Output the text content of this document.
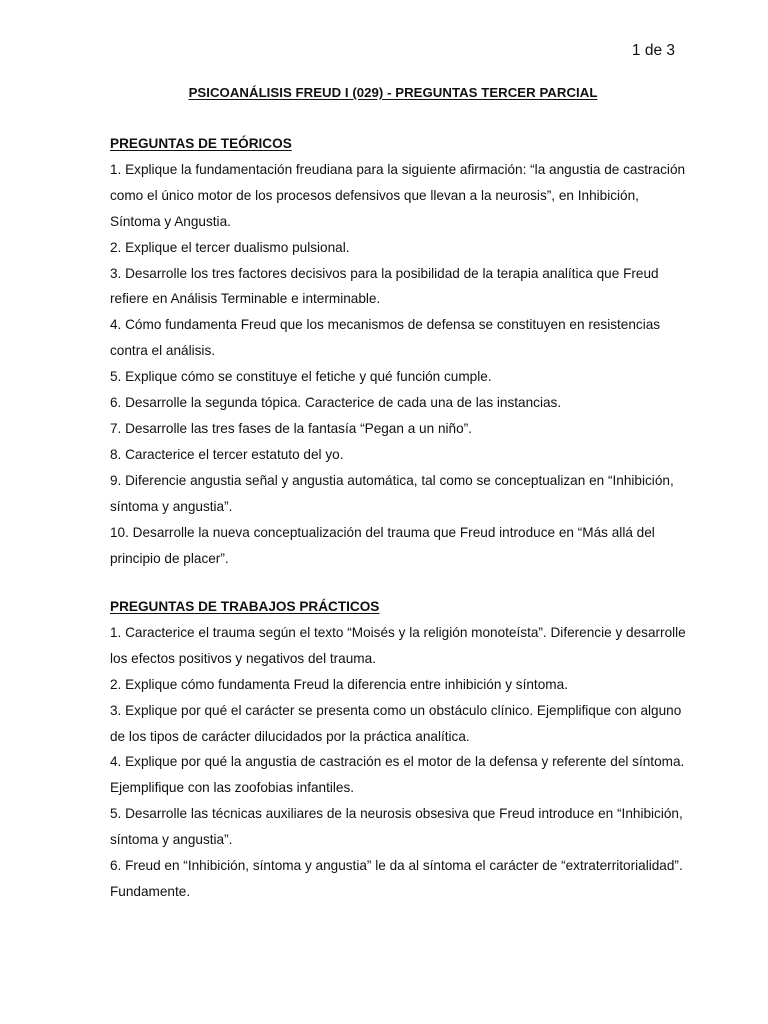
1 de 3
PSICOANÁLISIS FREUD I (029) - PREGUNTAS TERCER PARCIAL
PREGUNTAS DE TEÓRICOS
1. Explique la fundamentación freudiana para la siguiente afirmación: “la angustia de castración como el único motor de los procesos defensivos que llevan a la neurosis”, en Inhibición, Síntoma y Angustia.
2. Explique el tercer dualismo pulsional.
3. Desarrolle los tres factores decisivos para la posibilidad de la terapia analítica que Freud refiere en Análisis Terminable e interminable.
4. Cómo fundamenta Freud que los mecanismos de defensa se constituyen en resistencias contra el análisis.
5. Explique cómo se constituye el fetiche y qué función cumple.
6. Desarrolle la segunda tópica. Caracterice de cada una de las instancias.
7. Desarrolle las tres fases de la fantasía “Pegan a un niño”.
8. Caracterice el tercer estatuto del yo.
9. Diferencie angustia señal y angustia automática, tal como se conceptualizan en “Inhibición, síntoma y angustia”.
10. Desarrolle la nueva conceptualización del trauma que Freud introduce en “Más allá del principio de placer”.
PREGUNTAS DE TRABAJOS PRÁCTICOS
1. Caracterice el trauma según el texto “Moisés y la religión monoteísta”. Diferencie y desarrolle los efectos positivos y negativos del trauma.
2. Explique cómo fundamenta Freud la diferencia entre inhibición y síntoma.
3. Explique por qué el carácter se presenta como un obstáculo clínico. Ejemplifique con alguno de los tipos de carácter dilucidados por la práctica analítica.
4. Explique por qué la angustia de castración es el motor de la defensa y referente del síntoma. Ejemplifique con las zoofobias infantiles.
5. Desarrolle las técnicas auxiliares de la neurosis obsesiva que Freud introduce en “Inhibición, síntoma y angustia”.
6. Freud en “Inhibición, síntoma y angustia” le da al síntoma el carácter de “extraterritorialidad”. Fundamente.
